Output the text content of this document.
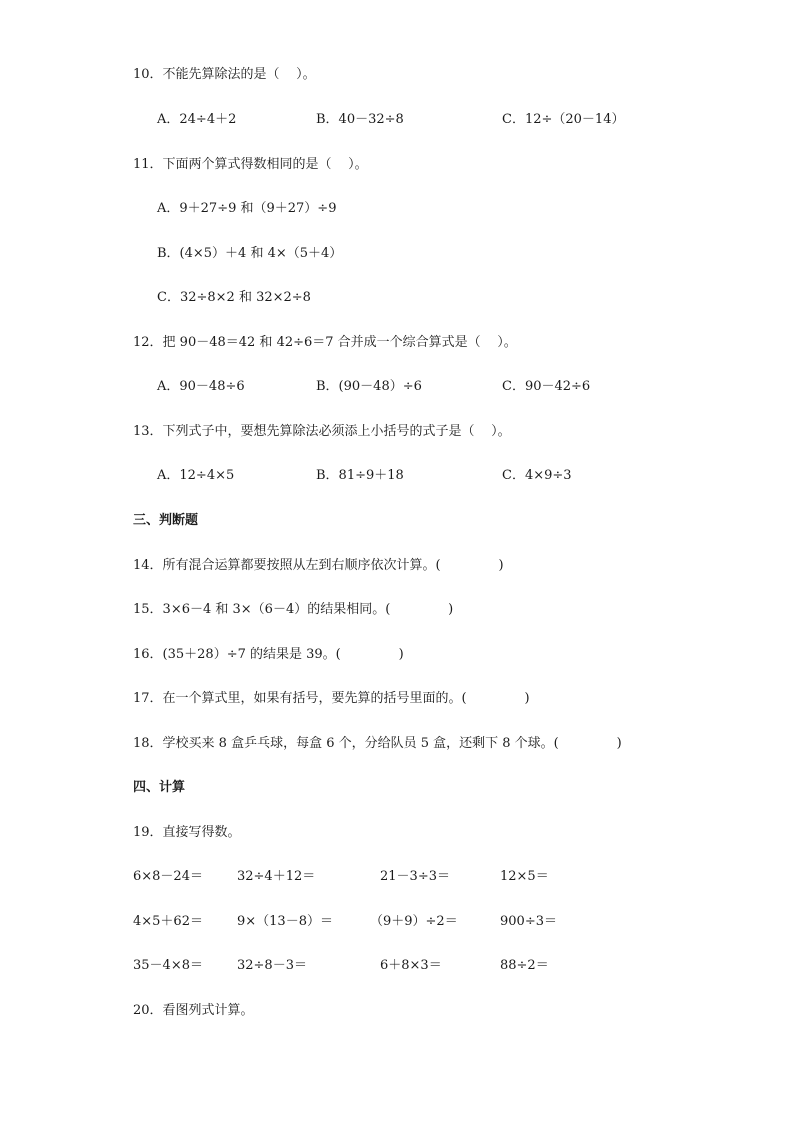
10．不能先算除法的是（    ）。
A．24÷4＋2	B．40－32÷8	C．12÷（20－14）
11．下面两个算式得数相同的是（    ）。
A．9＋27÷9 和（9＋27）÷9
B．(4×5）＋4 和 4×（5＋4）
C．32÷8×2 和 32×2÷8
12．把 90－48＝42 和 42÷6＝7 合并成一个综合算式是（    ）。
A．90－48÷6	B．(90－48）÷6	C．90－42÷6
13．下列式子中，要想先算除法必须添上小括号的式子是（    ）。
A．12÷4×5	B．81÷9＋18	C．4×9÷3
三、判断题
14．所有混合运算都要按照从左到右顺序依次计算。(              )
15．3×6－4 和 3×（6－4）的结果相同。(              )
16．(35＋28）÷7 的结果是 39。(              )
17．在一个算式里，如果有括号，要先算的括号里面的。(              )
18．学校买来 8 盒乒乓球，每盒 6 个，分给队员 5 盒，还剩下 8 个球。(              )
四、计算
19．直接写得数。
6×8－24＝	32÷4＋12＝	21－3÷3＝	12×5＝
4×5＋62＝	9×（13－8）＝	（9＋9）÷2＝	900÷3＝
35－4×8＝	32÷8－3＝	6＋8×3＝	88÷2＝
20．看图列式计算。
